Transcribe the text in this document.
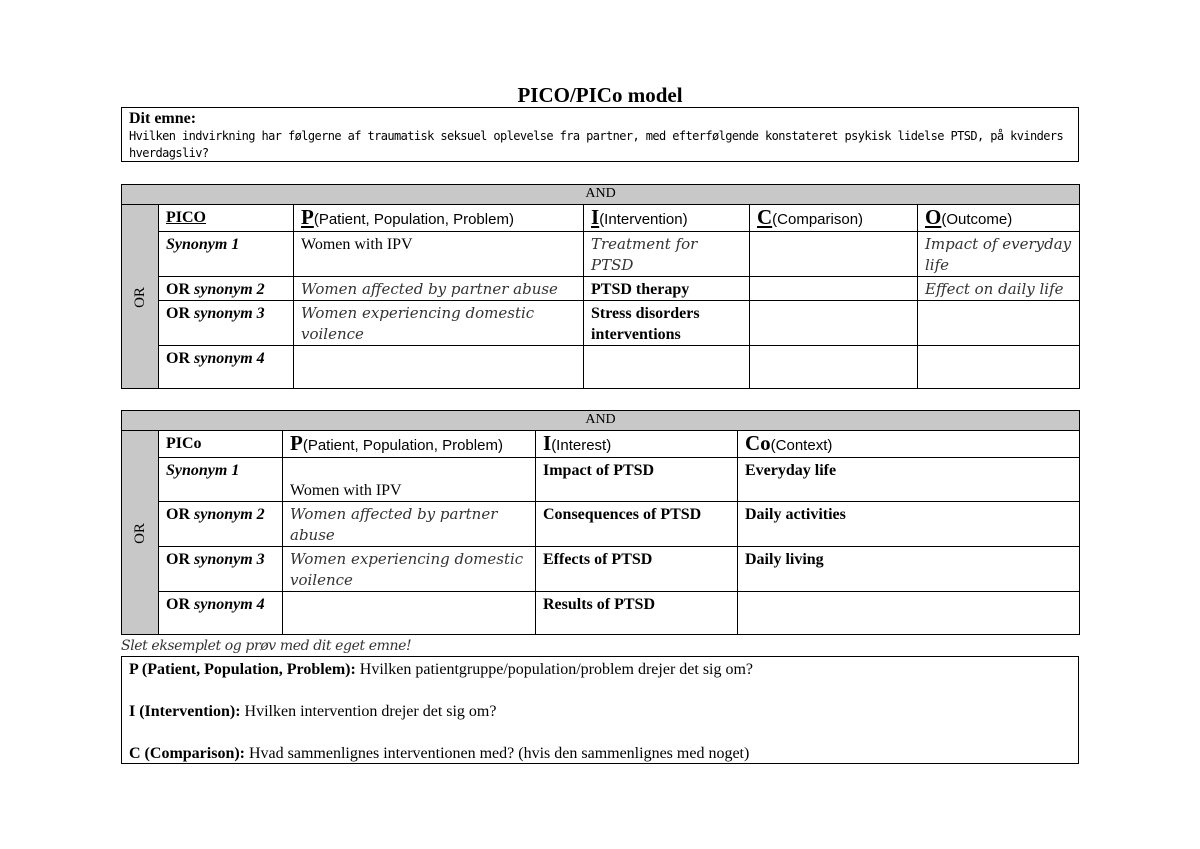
PICO/PICo model
Dit emne:
Hvilken indvirkning har følgerne af traumatisk seksuel oplevelse fra partner, med efterfølgende konstateret psykisk lidelse PTSD, på kvinders hverdagsliv?
AND					
OR	PICO	P(Patient, Population, Problem)	I(Intervention)	C(Comparison)	O(Outcome)
	Synonym 1	Women with IPV	Treatment for PTSD		Impact of everyday life
	OR synonym 2	Women affected by partner abuse	PTSD therapy		Effect on daily life
	OR synonym 3	Women experiencing domestic voilence	Stress disorders interventions		
	OR synonym 4				
AND				
OR	PICo	P(Patient, Population, Problem)	I(Interest)	Co(Context)
	Synonym 1	Women with IPV	Impact of PTSD	Everyday life
	OR synonym 2	Women affected by partner abuse	Consequences of PTSD	Daily activities
	OR synonym 3	Women experiencing domestic voilence	Effects of PTSD	Daily living
	OR synonym 4		Results of PTSD	
Slet eksemplet og prøv med dit eget emne!

P (Patient, Population, Problem): Hvilken patientgruppe/population/problem drejer det sig om?

I (Intervention): Hvilken intervention drejer det sig om?

C (Comparison): Hvad sammenlignes interventionen med? (hvis den sammenlignes med noget)
